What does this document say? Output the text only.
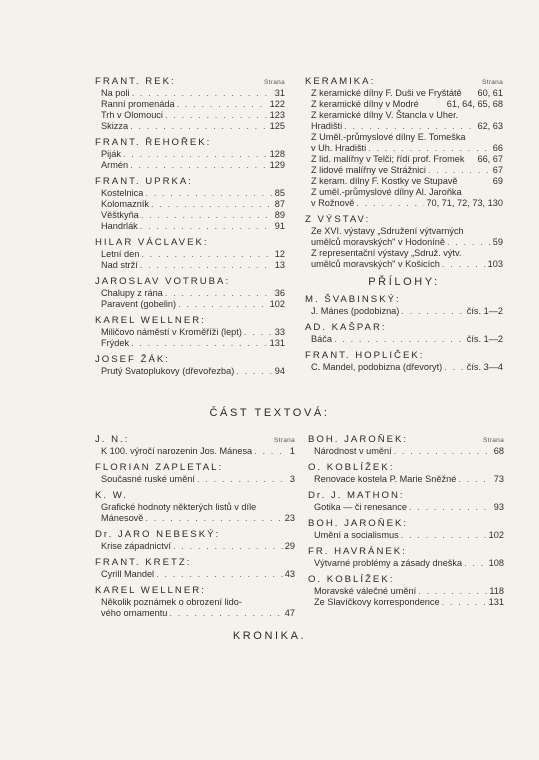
Strana
FRANT. REK:
Na poli . . .	31
Ranní promenáda . . .	122
Trh v Olomouci . . .	123
Skizza . . .	125
FRANT. ŘEHOŘEK:
Piják . . .	128
Armén . . .	129
FRANT. UPRKA:
Kostelnica . . .	85
Kolomazník . . .	87
Věštkyňa . . .	89
Handrlák . . .	91
HILAR VÁCLAVEK:
Letní den . . .	12
Nad strží . . .	13
JAROSLAV VOTRUBA:
Chalupy z rána . . .	36
Paravent (gobelin) . . .	102
KAREL WELLNER:
Miličovo náměstí v Kroměříži (lept) . . .	33
Frýdek . . .	131
JOSEF ŽÁK:
Prutý Svatoplukovy (dřevořezba) . . .	94
Strana
KERAMIKA:
Z keramické dílny F. Duši ve Fryštátě 60, 61
Z keramické dílny v Modré	61, 64, 65, 68
Z keramické dílny V. Štancla v Uher.
Hradišti . . .	62, 63
Z Uměl.-průmyslové dílny E. Tomeška
v Uh. Hradišti . . .	66
Z lid. malířny v Telči; řídí prof. Fromek 66, 67
Z lidové malířny ve Strážnici . . .	67
Z keram. dílny F. Kostky ve Stupavě	69
Z uměl.-průmyslové dílny Al. Jaroňka
v Rožnově . . .	70, 71, 72, 73, 130
Z VÝSTAV:
Ze XVI. výstavy „Sdružení výtvarných
umělců moravských" v Hodoníně . . .	59
Z representační výstavy „Sdruž. výtv.
umělců moravských" v Košicích . . .	103
PŘÍLOHY:
M. ŠVABINSKÝ:
J. Mánes (podobizna) . . .	čís. 1—2
AD. KAŠPAR:
Báča . . .	čís. 1—2
FRANT. HOPLIČEK:
C. Mandel, podobizna (dřevoryt) . . .	čís. 3—4
ČÁST TEXTOVÁ:
Strana
J. N.:
K 100. výročí narozenin Jos. Mánesa . . .	1
FLORIAN ZAPLETAL:
Současné ruské umění . . .	3
K. W.
Grafické hodnoty některých listů v díle
Mánesově . . .	23
Dr. JARO NEBESKÝ:
Krise západnictví . . .	29
FRANT. KRETZ:
Cyrill Mandel . . .	43
KAREL WELLNER:
Několik poznámek o obrození lido-
vého ornamentu . . .	47
Strana
BOH. JAROŇEK:
Národnost v umění . . .	68
O. KOBLÍŽEK:
Renovace kostela P. Marie Sněžné . . .	73
Dr. J. MATHON:
Gotika — či renesance . . .	93
BOH. JAROŇEK:
Umění a socialismus . . .	102
FR. HAVRÁNEK:
Výtvarné problémy a zásady dneška . . .	108
O. KOBLÍŽEK:
Moravské válečné umění . . .	118
Ze Slavíčkovy korrespondence . . .	131
KRONIKA.
